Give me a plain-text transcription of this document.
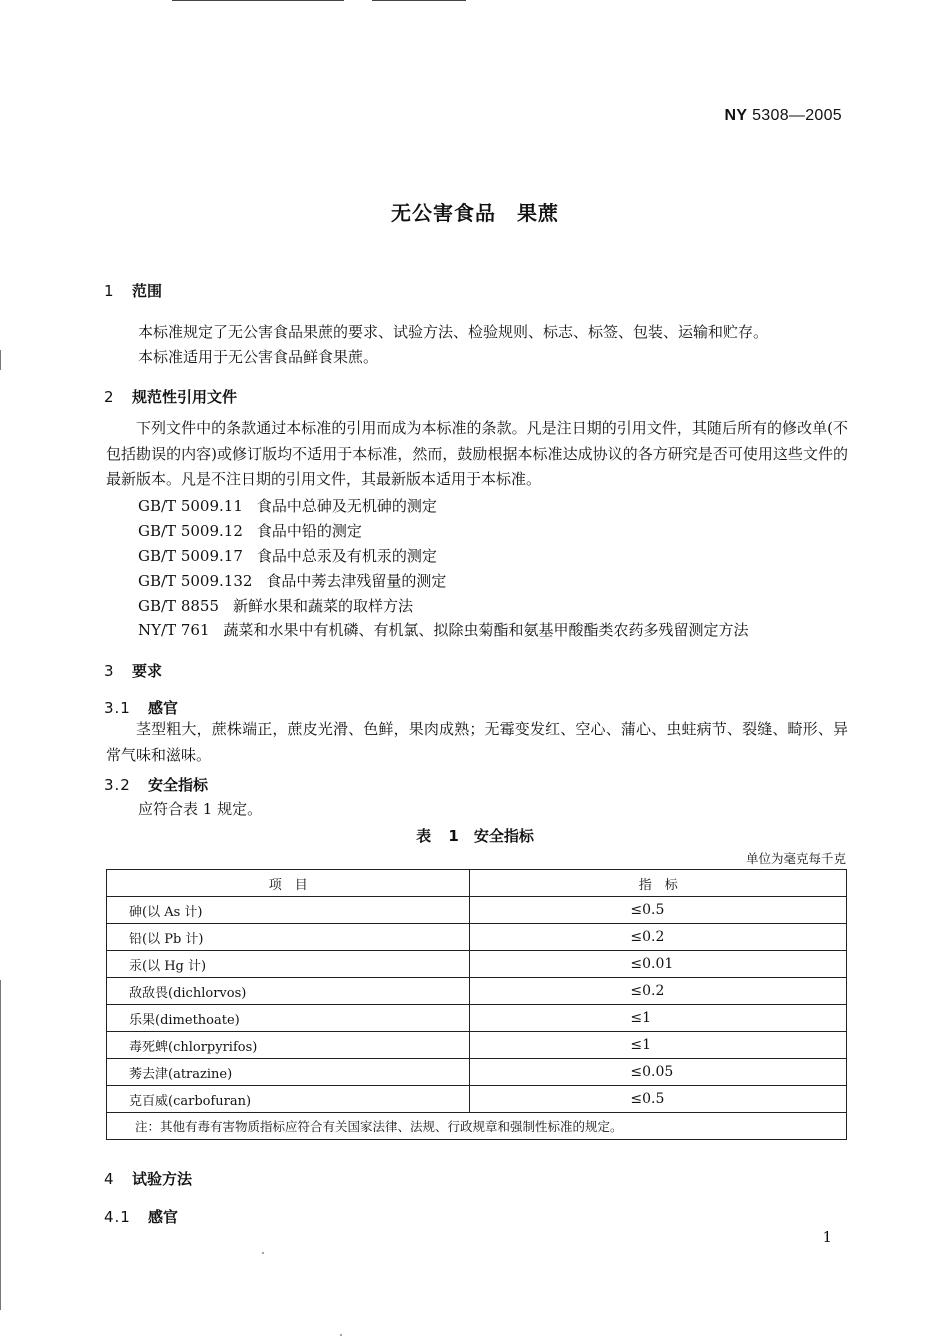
NY 5308—2005
无公害食品　果蔗
1 范围
本标准规定了无公害食品果蔗的要求、试验方法、检验规则、标志、标签、包装、运输和贮存。
本标准适用于无公害食品鲜食果蔗。
2 规范性引用文件
下列文件中的条款通过本标准的引用而成为本标准的条款。凡是注日期的引用文件，其随后所有的修改单(不包括勘误的内容)或修订版均不适用于本标准，然而，鼓励根据本标准达成协议的各方研究是否可使用这些文件的最新版本。凡是不注日期的引用文件，其最新版本适用于本标准。
GB/T 5009.11 食品中总砷及无机砷的测定
GB/T 5009.12 食品中铅的测定
GB/T 5009.17 食品中总汞及有机汞的测定
GB/T 5009.132 食品中莠去津残留量的测定
GB/T 8855 新鲜水果和蔬菜的取样方法
NY/T 761 蔬菜和水果中有机磷、有机氯、拟除虫菊酯和氨基甲酸酯类农药多残留测定方法
3 要求
3.1 感官
茎型粗大，蔗株端正，蔗皮光滑、色鲜，果肉成熟；无霉变发红、空心、蒲心、虫蛀病节、裂缝、畸形、异常气味和滋味。
3.2 安全指标
应符合表 1 规定。
表 1　安全指标
单位为毫克每千克
项　目	指　标
砷(以 As 计)	≤0.5
铅(以 Pb 计)	≤0.2
汞(以 Hg 计)	≤0.01
敌敌畏(dichlorvos)	≤0.2
乐果(dimethoate)	≤1
毒死蜱(chlorpyrifos)	≤1
莠去津(atrazine)	≤0.05
克百威(carbofuran)	≤0.5
注：其他有毒有害物质指标应符合有关国家法律、法规、行政规章和强制性标准的规定。	
4 试验方法
4.1 感官
1
